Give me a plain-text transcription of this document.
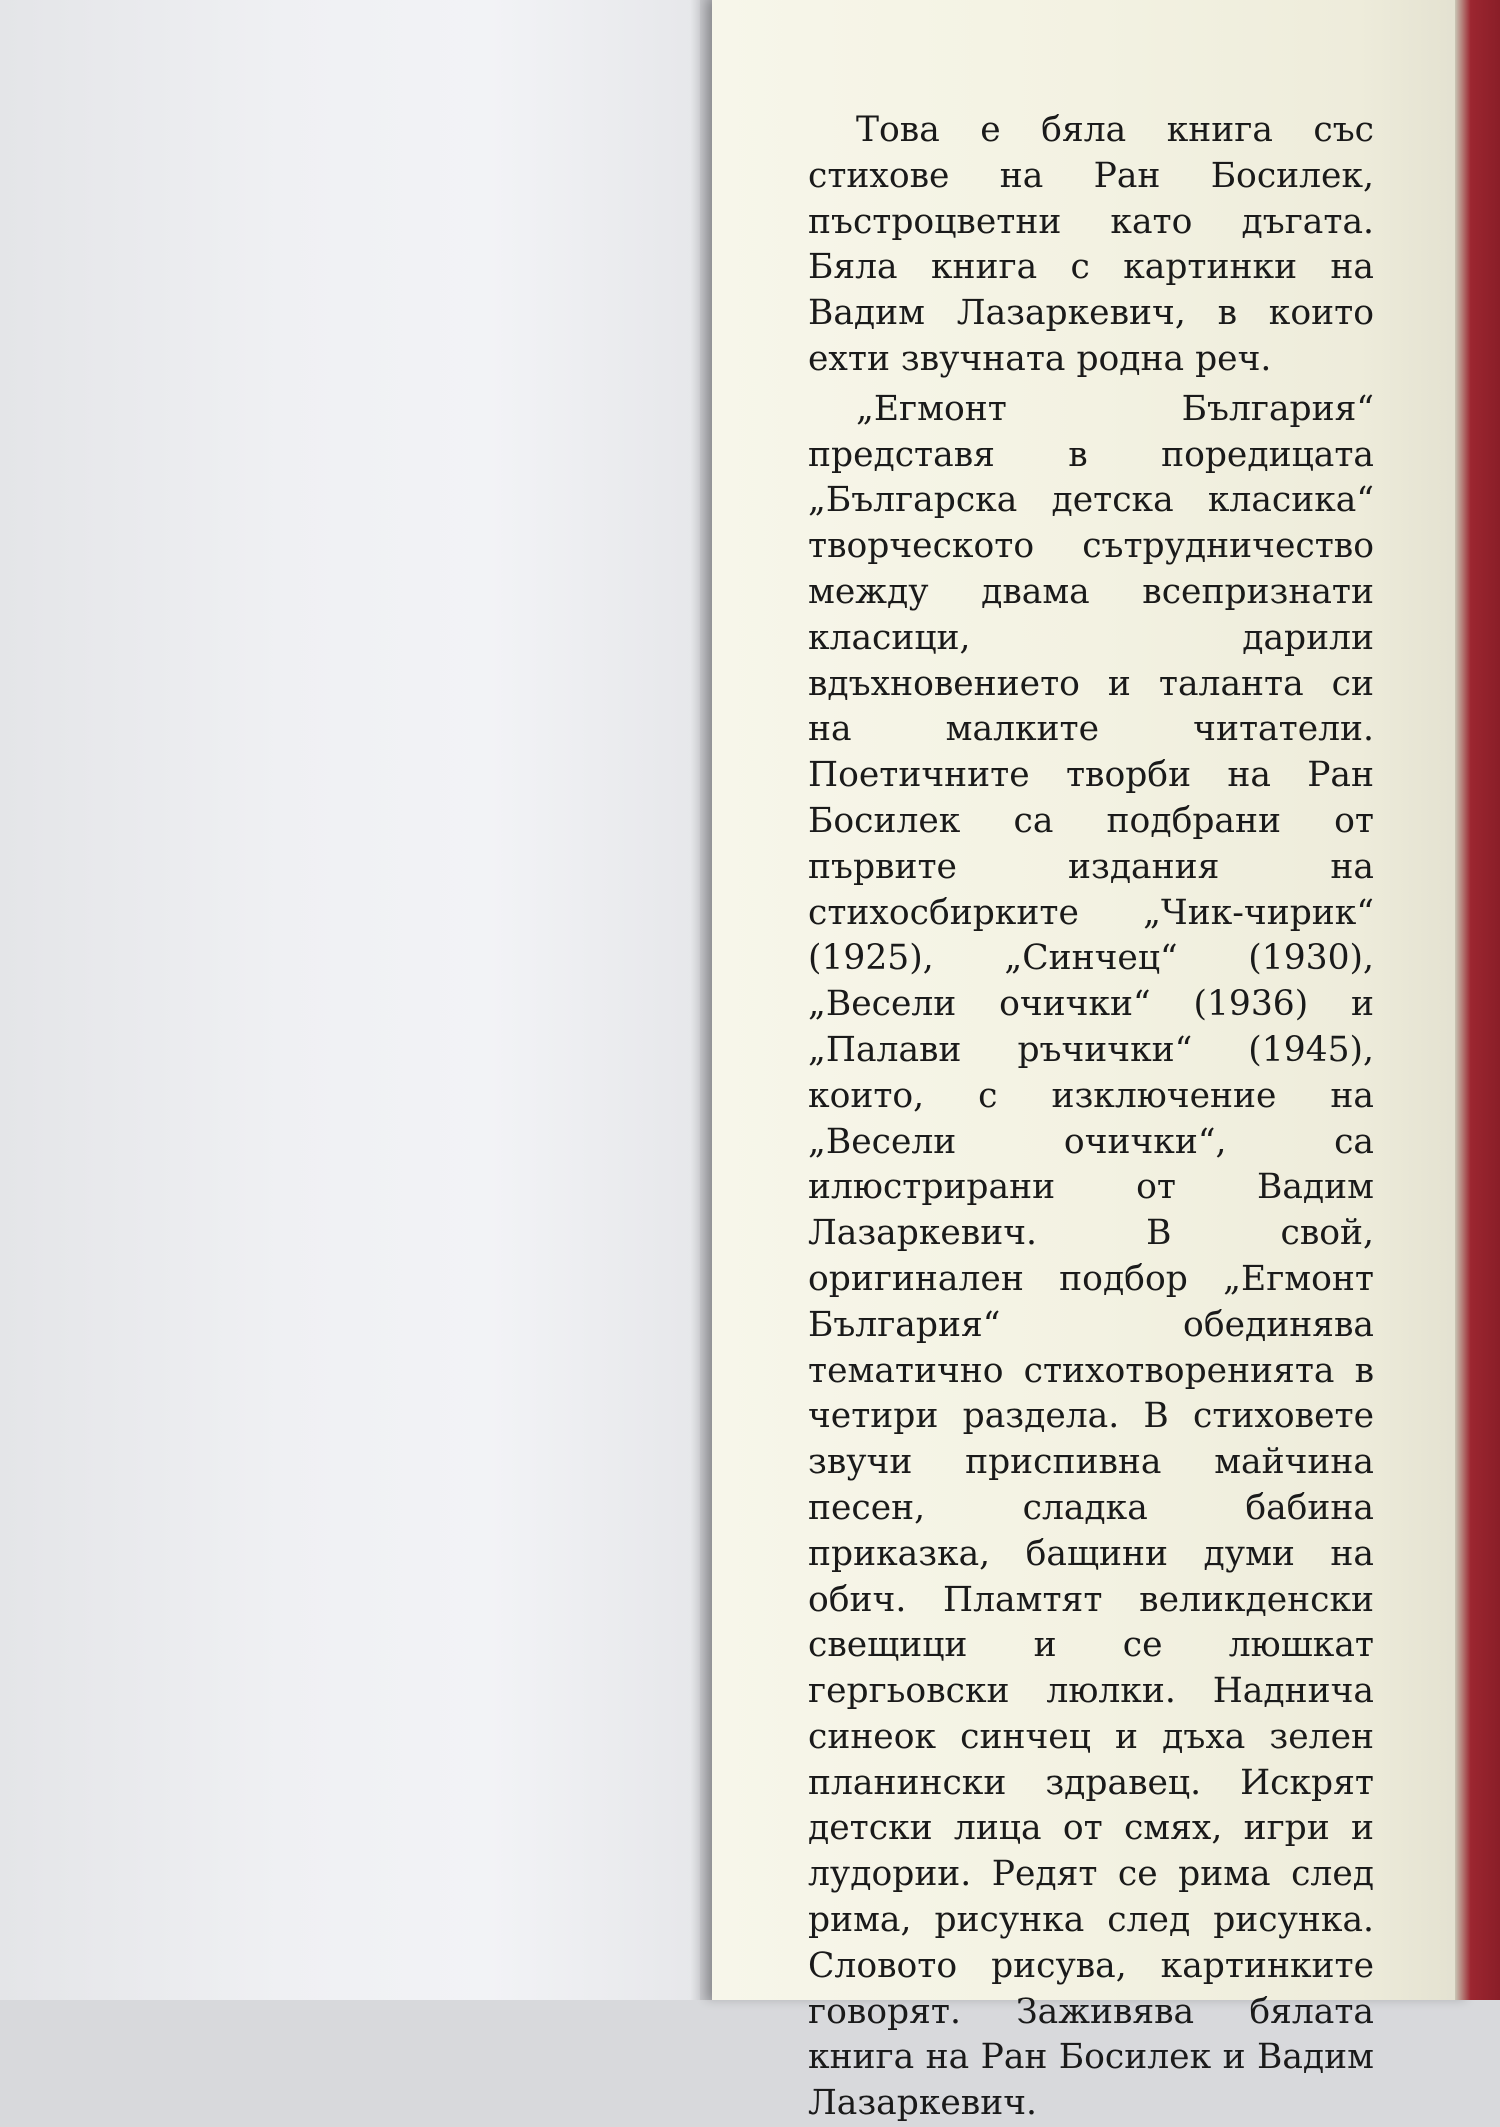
Това е бяла книга със стихове на Ран Босилек, пъстроцветни като дъгата. Бяла книга с картинки на Вадим Лазаркевич, в които ехти звучната родна реч.

„Егмонт България“ представя в поредицата „Българска детска класика“ творческото сътрудничество между двама всепризнати класици, дарили вдъхновението и таланта си на малките читатели. Поетичните творби на Ран Босилек са подбрани от първите издания на стихосбирките „Чик-чирик“ (1925), „Синчец“ (1930), „Весели очички“ (1936) и „Палави ръчички“ (1945), които, с изключение на „Весели очички“, са илюстрирани от Вадим Лазаркевич. В свой, оригинален подбор „Егмонт България“ обединява тематично стихотворенията в четири раздела. В стиховете звучи приспивна майчина песен, сладка бабина приказка, бащини думи на обич. Пламтят великденски свещици и се люшкат гергьовски люлки. Надничa синеок синчец и дъха зелен планински здравец. Искрят детски лица от смях, игри и лудории. Редят се рима след рима, рисунка след рисунка. Словото рисува, картинките говорят. Заживява бялата книга на Ран Босилек и Вадим Лазаркевич.
